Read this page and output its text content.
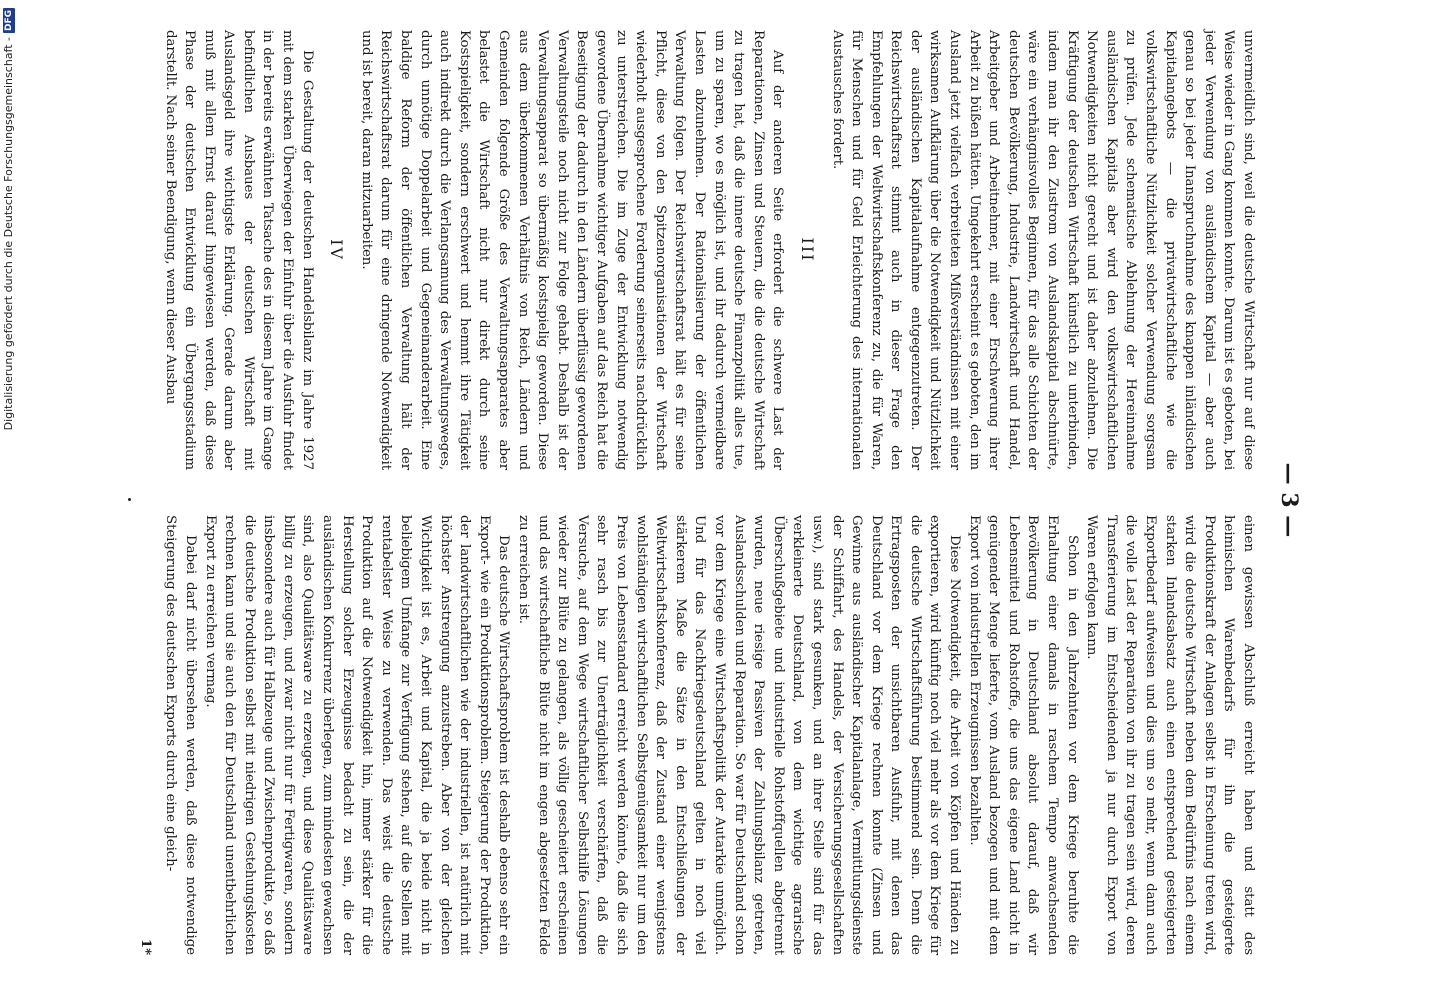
Digitalisierung gefördert durch die Deutsche Forschungsgemeinschaft -
DFG
— 3 —

unvermeidlich sind, weil die deutsche Wirtschaft nur auf diese Weise wieder in Gang kommen konnte. Darum ist es geboten, bei jeder Verwendung von ausländischem Kapital — aber auch genau so bei jeder Inanspruchnahme des knappen inländischen Kapitalangebots — die privatwirtschaftliche wie die volkswirtschaftliche Nützlichkeit solcher Verwendung sorgsam zu prüfen. Jede schematische Ablehnung der Hereinnahme ausländischen Kapitals aber wird den volkswirtschaftlichen Notwendigkeiten nicht gerecht und ist daher abzulehnen. Die Kräftigung der deutschen Wirtschaft künstlich zu unterbinden, indem man ihr den Zustrom von Auslandskapital abschnürte, wäre ein verhängnisvolles Beginnen, für das alle Schichten der deutschen Bevölkerung, Industrie, Landwirtschaft und Handel, Arbeitgeber und Arbeitnehmer, mit einer Erschwerung ihrer Arbeit zu büßen hätten. Umgekehrt erscheint es geboten, den im Ausland jetzt vielfach verbreiteten Mißverständnissen mit einer wirksamen Aufklärung über die Notwendigkeit und Nützlichkeit der ausländischen Kapitalaufnahme entgegenzutreten. Der Reichswirtschaftsrat stimmt auch in dieser Frage den Empfehlungen der Weltwirtschaftskonferenz zu, die für Waren, für Menschen und für Geld Erleichterung des internationalen Austausches fordert.

III

Auf der anderen Seite erfordert die schwere Last der Reparationen, Zinsen und Steuern, die die deutsche Wirtschaft zu tragen hat, daß die innere deutsche Finanzpolitik alles tue, um zu sparen, wo es möglich ist, und ihr dadurch vermeidbare Lasten abzunehmen. Der Rationalisierung der öffentlichen Verwaltung folgen. Der Reichswirtschaftsrat hält es für seine Pflicht, diese von den Spitzenorganisationen der Wirtschaft wiederholt ausgesprochene Forderung seinerseits nachdrücklich zu unterstreichen. Die im Zuge der Entwicklung notwendig gewordene Übernahme wichtiger Aufgaben auf das Reich hat die Beseitigung der dadurch in den Ländern überflüssig gewordenen Verwaltungsteile noch nicht zur Folge gehabt. Deshalb ist der Verwaltungsapparat so übermäßig kostspielig geworden. Diese aus dem überkommenen Verhältnis von Reich, Ländern und Gemeinden folgende Größe des Verwaltungsapparates aber belastet die Wirtschaft nicht nur direkt durch seine Kostspieligkeit, sondern erschwert und hemmt ihre Tätigkeit auch indirekt durch die Verlangsamung des Verwaltungsweges, durch unnötige Doppelarbeit und Gegeneinanderarbeit. Eine baldige Reform der öffentlichen Verwaltung hält der Reichswirtschaftsrat darum für eine dringende Notwendigkeit und ist bereit, daran mitzuarbeiten.

IV

Die Gestaltung der deutschen Handelsbilanz im Jahre 1927 mit dem starken Überwiegen der Einfuhr über die Ausfuhr findet in der bereits erwähnten Tatsache des in diesem Jahre im Gange befindlichen Ausbaues der deutschen Wirtschaft mit Auslandsgeld ihre wichtigste Erklärung. Gerade darum aber muß mit allem Ernst darauf hingewiesen werden, daß diese Phase der deutschen Entwicklung ein Übergangsstadium darstellt. Nach seiner Beendigung, wenn dieser Ausbau

einen gewissen Abschluß erreicht haben und statt des heimischen Warenbedarfs für ihn die gesteigerte Produktionskraft der Anlagen selbst in Erscheinung treten wird, wird die deutsche Wirtschaft neben dem Bedürfnis nach einem starken Inlandsabsatz auch einen entsprechend gesteigerten Exportbedarf aufweisen und dies um so mehr, wenn dann auch die volle Last der Reparation von ihr zu tragen sein wird, deren Transferierung im Entscheidenden ja nur durch Export von Waren erfolgen kann.

Schon in den Jahrzehnten vor dem Kriege beruhte die Erhaltung einer damals in raschem Tempo anwachsenden Bevölkerung in Deutschland absolut darauf, daß wir Lebensmittel und Rohstoffe, die uns das eigene Land nicht in genügender Menge lieferte, vom Ausland bezogen und mit dem Export von industriellen Erzeugnissen bezahlten.

Diese Notwendigkeit, die Arbeit von Köpfen und Händen zu exportieren, wird künftig noch viel mehr als vor dem Kriege für die deutsche Wirtschaftsführung bestimmend sein. Denn die Ertragsposten der unsichtbaren Ausfuhr, mit denen das Deutschland vor dem Kriege rechnen konnte (Zinsen und Gewinne aus ausländischer Kapitalanlage, Vermittlungsdienste der Schiffahrt, des Handels, der Versicherungsgesellschaften usw.), sind stark gesunken, und an ihrer Stelle sind für das verkleinerte Deutschland, von dem wichtige agrarische Überschußgebiete und industrielle Rohstoffquellen abgetrennt wurden, neue riesige Passiven der Zahlungsbilanz getreten, Auslandsschulden und Reparation. So war für Deutschland schon vor dem Kriege eine Wirtschaftspolitik der Autarkie unmöglich. Und für das Nachkriegsdeutschland gelten in noch viel stärkerem Maße die Sätze in den Entschließungen der Weltwirtschaftskonferenz, daß der Zustand einer wenigstens wohlständigen wirtschaftlichen Selbstgenügsamkeit nur um den Preis von Lebensstandard erreicht werden könnte, daß die sich sehr rasch bis zur Unerträglichkeit verschärfen, daß die Versuche, auf dem Wege wirtschaftlicher Selbsthilfe Lösungen wieder zur Blüte zu gelangen, als völlig gescheitert erscheinen und das wirtschaftliche Blüte nicht im engen abgesetzten Felde zu erreichen ist.

Das deutsche Wirtschaftsproblem ist deshalb ebenso sehr ein Export- wie ein Produktionsproblem. Steigerung der Produktion, der landwirtschaftlichen wie der industriellen, ist natürlich mit höchster Anstrengung anzustreben. Aber von der gleichen Wichtigkeit ist es, Arbeit und Kapital, die ja beide nicht in beliebigem Umfange zur Verfügung stehen, auf die Stellen mit rentabelster Weise zu verwenden. Das weist die deutsche Produktion auf die Notwendigkeit hin, immer stärker für die Herstellung solcher Erzeugnisse bedacht zu sein, die der ausländischen Konkurrenz überlegen, zum mindesten gewachsen sind, also Qualitätsware zu erzeugen, und diese Qualitätsware billig zu erzeugen, und zwar nicht nur für Fertigwaren, sondern insbesondere auch für Halbzeuge und Zwischenprodukte, so daß die deutsche Produktion selbst mit niedrigen Gestehungskosten rechnen kann und sie auch den für Deutschland unentbehrlichen Export zu erreichen vermag.

Dabei darf nicht übersehen werden, daß diese notwendige Steigerung des deutschen Exports durch eine gleich-

1*
